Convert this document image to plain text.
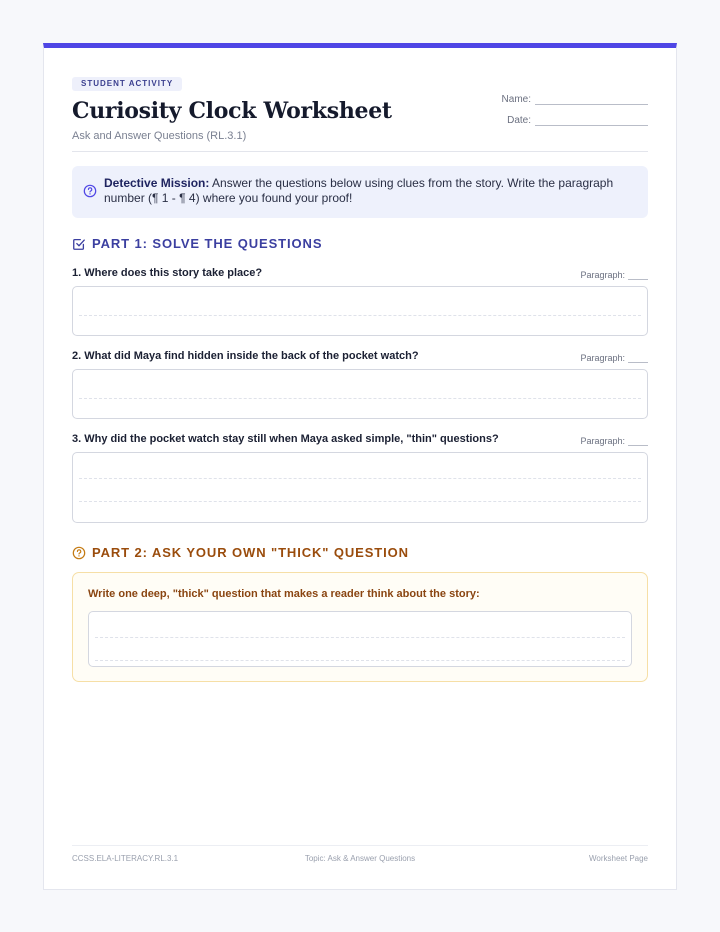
STUDENT ACTIVITY
Curiosity Clock Worksheet
Ask and Answer Questions (RL.3.1)
Name:
Date:
Detective Mission: Answer the questions below using clues from the story. Write the paragraph number (¶ 1 - ¶ 4) where you found your proof!
PART 1: SOLVE THE QUESTIONS
1. Where does this story take place?	Paragraph:
2. What did Maya find hidden inside the back of the pocket watch?	Paragraph:
3. Why did the pocket watch stay still when Maya asked simple, "thin" questions?	Paragraph:
PART 2: ASK YOUR OWN "THICK" QUESTION
Write one deep, "thick" question that makes a reader think about the story:
CCSS.ELA-LITERACY.RL.3.1	Topic: Ask & Answer Questions	Worksheet Page
